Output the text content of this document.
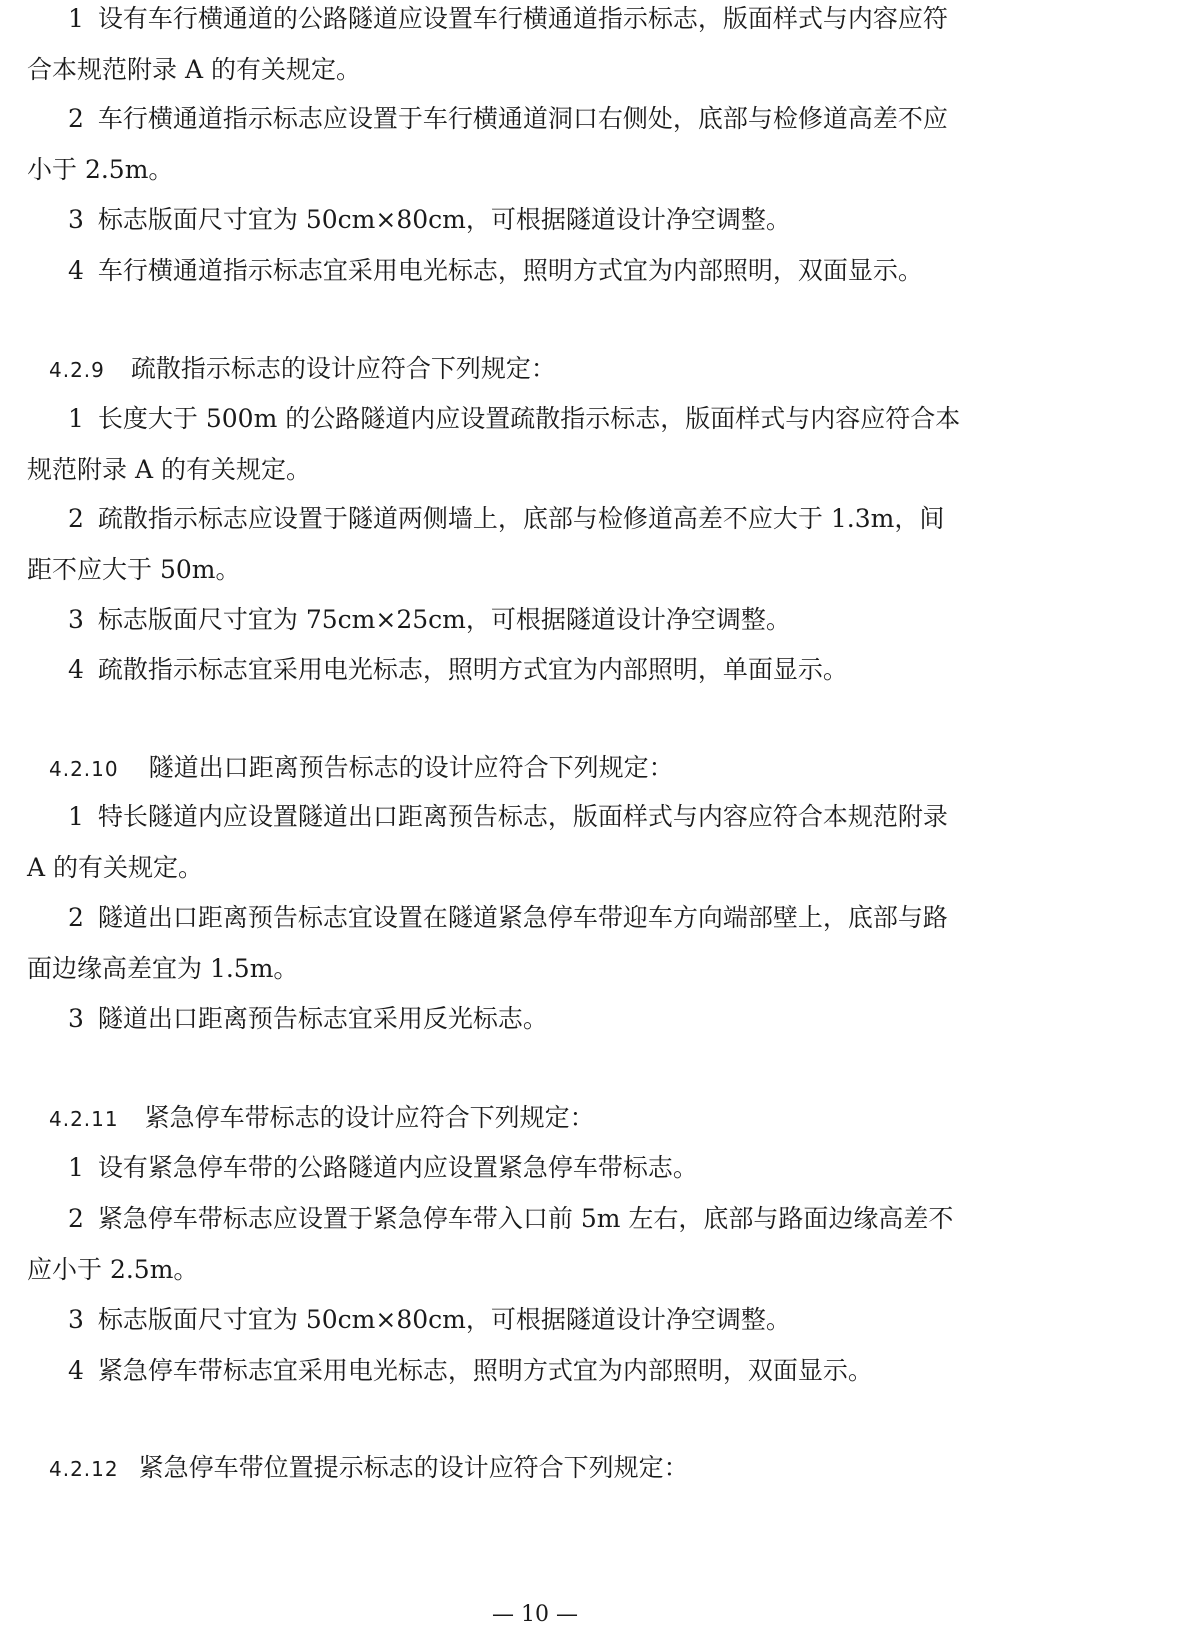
1 设有车行横通道的公路隧道应设置车行横通道指示标志，版面样式与内容应符
合本规范附录 A 的有关规定。
2 车行横通道指示标志应设置于车行横通道洞口右侧处，底部与检修道高差不应
小于 2.5m。
3 标志版面尺寸宜为 50cm×80cm，可根据隧道设计净空调整。
4 车行横通道指示标志宜采用电光标志，照明方式宜为内部照明，双面显示。
4.2.9 疏散指示标志的设计应符合下列规定：
1 长度大于 500m 的公路隧道内应设置疏散指示标志，版面样式与内容应符合本
规范附录 A 的有关规定。
2 疏散指示标志应设置于隧道两侧墙上，底部与检修道高差不应大于 1.3m，间
距不应大于 50m。
3 标志版面尺寸宜为 75cm×25cm，可根据隧道设计净空调整。
4 疏散指示标志宜采用电光标志，照明方式宜为内部照明，单面显示。
4.2.10 隧道出口距离预告标志的设计应符合下列规定：
1 特长隧道内应设置隧道出口距离预告标志，版面样式与内容应符合本规范附录
A 的有关规定。
2 隧道出口距离预告标志宜设置在隧道紧急停车带迎车方向端部壁上，底部与路
面边缘高差宜为 1.5m。
3 隧道出口距离预告标志宜采用反光标志。
4.2.11 紧急停车带标志的设计应符合下列规定：
1 设有紧急停车带的公路隧道内应设置紧急停车带标志。
2 紧急停车带标志应设置于紧急停车带入口前 5m 左右，底部与路面边缘高差不
应小于 2.5m。
3 标志版面尺寸宜为 50cm×80cm，可根据隧道设计净空调整。
4 紧急停车带标志宜采用电光标志，照明方式宜为内部照明，双面显示。
4.2.12 紧急停车带位置提示标志的设计应符合下列规定：
— 10 —
